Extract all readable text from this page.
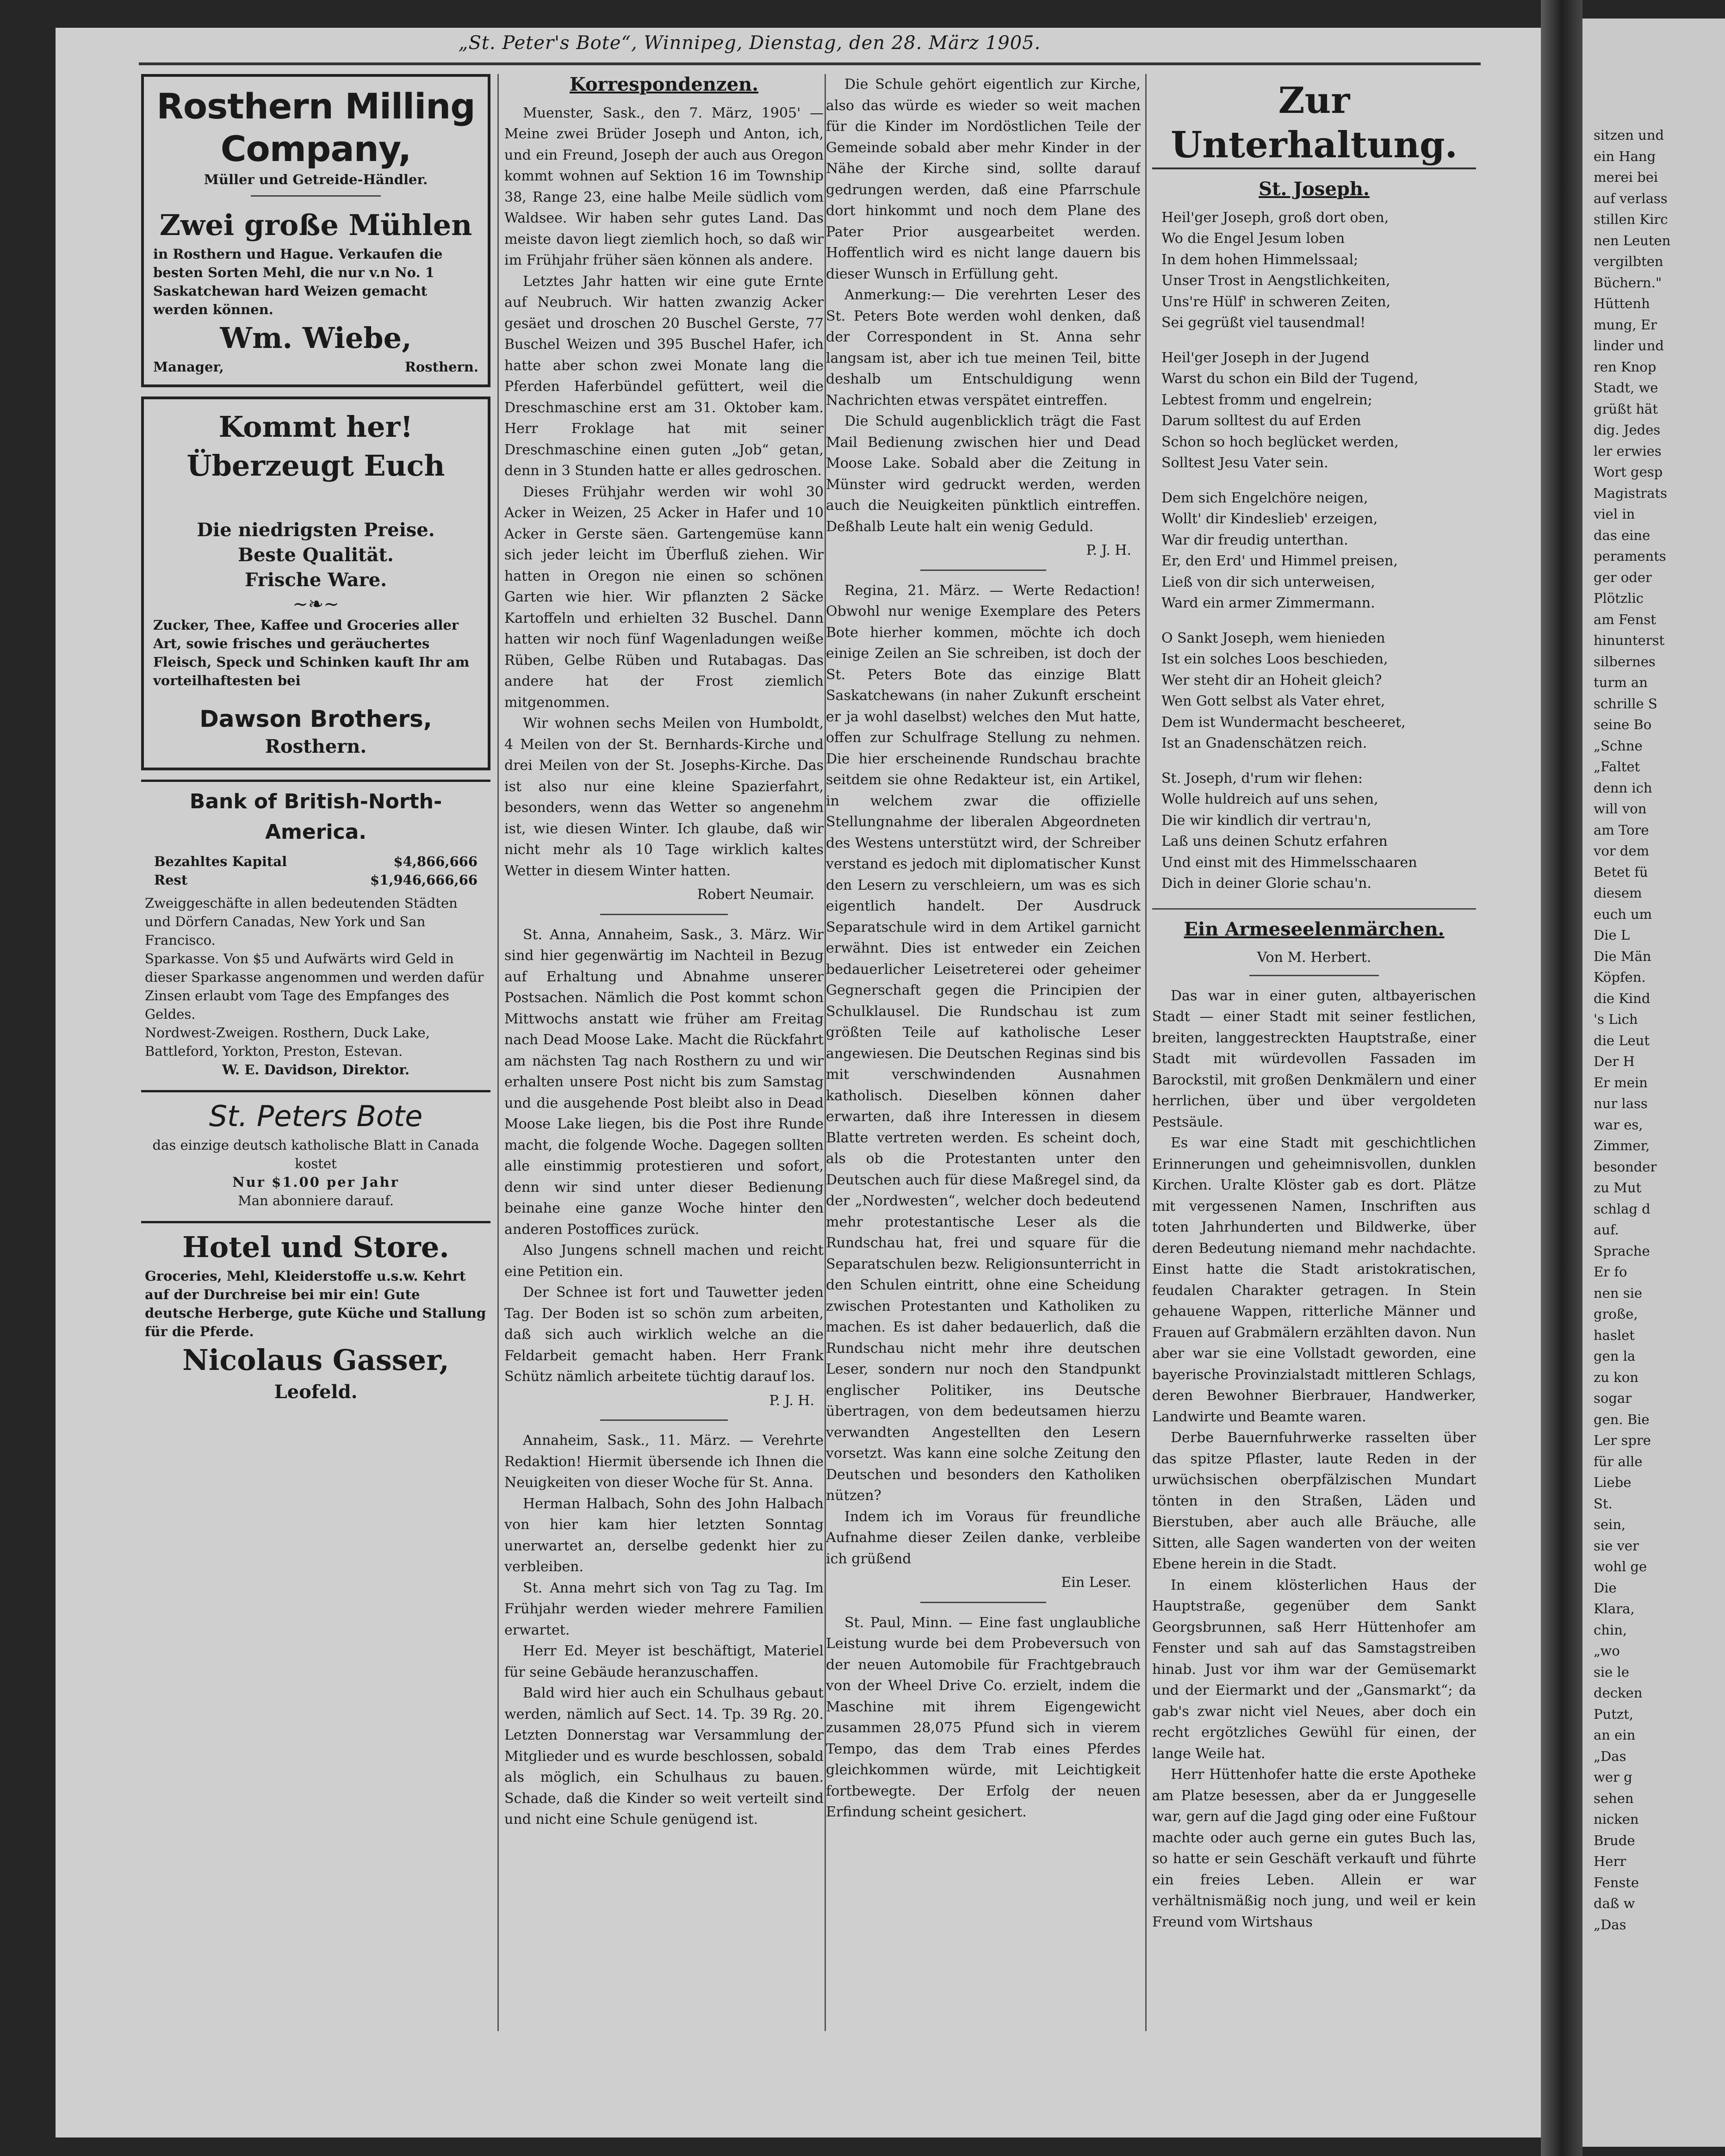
„St. Peter's Bote“, Winnipeg, Dienstag, den 28. März 1905.
Rosthern Milling Company,
Müller und Getreide-Händler.
Zwei große Mühlen
in Rosthern und Hague. Verkaufen die besten Sorten Mehl, die nur v.n No. 1 Saskatchewan hard Weizen gemacht werden können.
Wm. Wiebe,
Manager,	Rosthern.
Kommt her!
Überzeugt Euch
Die niedrigsten Preise.
Beste Qualität.
Frische Ware.
~❧~
Zucker, Thee, Kaffee und Groceries aller Art, sowie frisches und geräuchertes Fleisch, Speck und Schinken kauft Ihr am vorteilhaftesten bei
Dawson Brothers,
Rosthern.
Bank of British-North-America.
Bezahltes Kapital	$4,866,666
Rest	$1,946,666,66
Zweiggeschäfte in allen bedeutenden Städten und Dörfern Canadas, New York und San Francisco.
Sparkasse. Von $5 und Aufwärts wird Geld in dieser Sparkasse angenommen und werden dafür Zinsen erlaubt vom Tage des Empfanges des Geldes.
Nordwest-Zweigen. Rosthern, Duck Lake, Battleford, Yorkton, Preston, Estevan.
W. E. Davidson, Direktor.
St. Peters Bote
das einzige deutsch katholische Blatt in Canada kostet
Nur $1.00 per Jahr
Man abonniere darauf.
Hotel und Store.
Groceries, Mehl, Kleiderstoffe u.s.w. Kehrt auf der Durchreise bei mir ein! Gute deutsche Herberge, gute Küche und Stallung für die Pferde.
Nicolaus Gasser,
Leofeld.
Korrespondenzen.

Muenster, Sask., den 7. März, 1905' — Meine zwei Brüder Joseph und Anton, ich, und ein Freund, Joseph der auch aus Oregon kommt wohnen auf Sektion 16 im Township 38, Range 23, eine halbe Meile südlich vom Waldsee. Wir haben sehr gutes Land. Das meiste davon liegt ziemlich hoch, so daß wir im Frühjahr früher säen können als andere.

Letztes Jahr hatten wir eine gute Ernte auf Neubruch. Wir hatten zwanzig Acker gesäet und droschen 20 Buschel Gerste, 77 Buschel Weizen und 395 Buschel Hafer, ich hatte aber schon zwei Monate lang die Pferden Haferbündel gefüttert, weil die Dreschmaschine erst am 31. Oktober kam. Herr Froklage hat mit seiner Dreschmaschine einen guten „Job“ getan, denn in 3 Stunden hatte er alles gedroschen.

Dieses Frühjahr werden wir wohl 30 Acker in Weizen, 25 Acker in Hafer und 10 Acker in Gerste säen. Gartengemüse kann sich jeder leicht im Überfluß ziehen. Wir hatten in Oregon nie einen so schönen Garten wie hier. Wir pflanzten 2 Säcke Kartoffeln und erhielten 32 Buschel. Dann hatten wir noch fünf Wagenladungen weiße Rüben, Gelbe Rüben und Rutabagas. Das andere hat der Frost ziemlich mitgenommen.

Wir wohnen sechs Meilen von Humboldt, 4 Meilen von der St. Bernhards-Kirche und drei Meilen von der St. Josephs-Kirche. Das ist also nur eine kleine Spazierfahrt, besonders, wenn das Wetter so angenehm ist, wie diesen Winter. Ich glaube, daß wir nicht mehr als 10 Tage wirklich kaltes Wetter in diesem Winter hatten.

Robert Neumair.

St. Anna, Annaheim, Sask., 3. März. Wir sind hier gegenwärtig im Nachteil in Bezug auf Erhaltung und Abnahme unserer Postsachen. Nämlich die Post kommt schon Mittwochs anstatt wie früher am Freitag nach Dead Moose Lake. Macht die Rückfahrt am nächsten Tag nach Rosthern zu und wir erhalten unsere Post nicht bis zum Samstag und die ausgehende Post bleibt also in Dead Moose Lake liegen, bis die Post ihre Runde macht, die folgende Woche. Dagegen sollten alle einstimmig protestieren und sofort, denn wir sind unter dieser Bedienung beinahe eine ganze Woche hinter den anderen Postoffices zurück.

Also Jungens schnell machen und reicht eine Petition ein.

Der Schnee ist fort und Tauwetter jeden Tag. Der Boden ist so schön zum arbeiten, daß sich auch wirklich welche an die Feldarbeit gemacht haben. Herr Frank Schütz nämlich arbeitete tüchtig darauf los.

P. J. H.

Annaheim, Sask., 11. März. — Verehrte Redaktion! Hiermit übersende ich Ihnen die Neuigkeiten von dieser Woche für St. Anna.

Herman Halbach, Sohn des John Halbach von hier kam hier letzten Sonntag unerwartet an, derselbe gedenkt hier zu verbleiben.

St. Anna mehrt sich von Tag zu Tag. Im Frühjahr werden wieder mehrere Familien erwartet.

Herr Ed. Meyer ist beschäftigt, Materiel für seine Gebäude heranzuschaffen.

Bald wird hier auch ein Schulhaus gebaut werden, nämlich auf Sect. 14. Tp. 39 Rg. 20. Letzten Donnerstag war Versammlung der Mitglieder und es wurde beschlossen, sobald als möglich, ein Schulhaus zu bauen. Schade, daß die Kinder so weit verteilt sind und nicht eine Schule genügend ist.

Die Schule gehört eigentlich zur Kirche, also das würde es wieder so weit machen für die Kinder im Nordöstlichen Teile der Gemeinde sobald aber mehr Kinder in der Nähe der Kirche sind, sollte darauf gedrungen werden, daß eine Pfarrschule dort hinkommt und noch dem Plane des Pater Prior ausgearbeitet werden. Hoffentlich wird es nicht lange dauern bis dieser Wunsch in Erfüllung geht.

Anmerkung:— Die verehrten Leser des St. Peters Bote werden wohl denken, daß der Correspondent in St. Anna sehr langsam ist, aber ich tue meinen Teil, bitte deshalb um Entschuldigung wenn Nachrichten etwas verspätet eintreffen.

Die Schuld augenblicklich trägt die Fast Mail Bedienung zwischen hier und Dead Moose Lake. Sobald aber die Zeitung in Münster wird gedruckt werden, werden auch die Neuigkeiten pünktlich eintreffen. Deßhalb Leute halt ein wenig Geduld.

P. J. H.

Regina, 21. März. — Werte Redaction! Obwohl nur wenige Exemplare des Peters Bote hierher kommen, möchte ich doch einige Zeilen an Sie schreiben, ist doch der St. Peters Bote das einzige Blatt Saskatchewans (in naher Zukunft erscheint er ja wohl daselbst) welches den Mut hatte, offen zur Schulfrage Stellung zu nehmen. Die hier erscheinende Rundschau brachte seitdem sie ohne Redakteur ist, ein Artikel, in welchem zwar die offizielle Stellungnahme der liberalen Abgeordneten des Westens unterstützt wird, der Schreiber verstand es jedoch mit diplomatischer Kunst den Lesern zu verschleiern, um was es sich eigentlich handelt. Der Ausdruck Separatschule wird in dem Artikel garnicht erwähnt. Dies ist entweder ein Zeichen bedauerlicher Leisetreterei oder geheimer Gegnerschaft gegen die Principien der Schulklausel. Die Rundschau ist zum größten Teile auf katholische Leser angewiesen. Die Deutschen Reginas sind bis mit verschwindenden Ausnahmen katholisch. Dieselben können daher erwarten, daß ihre Interessen in diesem Blatte vertreten werden. Es scheint doch, als ob die Protestanten unter den Deutschen auch für diese Maßregel sind, da der „Nordwesten“, welcher doch bedeutend mehr protestantische Leser als die Rundschau hat, frei und square für die Separatschulen bezw. Religionsunterricht in den Schulen eintritt, ohne eine Scheidung zwischen Protestanten und Katholiken zu machen. Es ist daher bedauerlich, daß die Rundschau nicht mehr ihre deutschen Leser, sondern nur noch den Standpunkt englischer Politiker, ins Deutsche übertragen, von dem bedeutsamen hierzu verwandten Angestellten den Lesern vorsetzt. Was kann eine solche Zeitung den Deutschen und besonders den Katholiken nützen?

Indem ich im Voraus für freundliche Aufnahme dieser Zeilen danke, verbleibe ich grüßend

Ein Leser.

St. Paul, Minn. — Eine fast unglaubliche Leistung wurde bei dem Probeversuch von der neuen Automobile für Frachtgebrauch von der Wheel Drive Co. erzielt, indem die Maschine mit ihrem Eigengewicht zusammen 28,075 Pfund sich in vierem Tempo, das dem Trab eines Pferdes gleichkommen würde, mit Leichtigkeit fortbewegte. Der Erfolg der neuen Erfindung scheint gesichert.

Zur Unterhaltung.
St. Joseph.

Heil'ger Joseph, groß dort oben,

Wo die Engel Jesum loben

In dem hohen Himmelssaal;

Unser Trost in Aengstlichkeiten,

Uns're Hülf' in schweren Zeiten,

Sei gegrüßt viel tausendmal!

Heil'ger Joseph in der Jugend

Warst du schon ein Bild der Tugend,

Lebtest fromm und engelrein;

Darum solltest du auf Erden

Schon so hoch beglücket werden,

Solltest Jesu Vater sein.

Dem sich Engelchöre neigen,

Wollt' dir Kindeslieb' erzeigen,

War dir freudig unterthan.

Er, den Erd' und Himmel preisen,

Ließ von dir sich unterweisen,

Ward ein armer Zimmermann.

O Sankt Joseph, wem hienieden

Ist ein solches Loos beschieden,

Wer steht dir an Hoheit gleich?

Wen Gott selbst als Vater ehret,

Dem ist Wundermacht bescheeret,

Ist an Gnadenschätzen reich.

St. Joseph, d'rum wir flehen:

Wolle huldreich auf uns sehen,

Die wir kindlich dir vertrau'n,

Laß uns deinen Schutz erfahren

Und einst mit des Himmelsschaaren

Dich in deiner Glorie schau'n.

Ein Armeseelenmärchen.

Von M. Herbert.

Das war in einer guten, altbayerischen Stadt — einer Stadt mit seiner festlichen, breiten, langgestreckten Hauptstraße, einer Stadt mit würdevollen Fassaden im Barockstil, mit großen Denkmälern und einer herrlichen, über und über vergoldeten Pestsäule.

Es war eine Stadt mit geschichtlichen Erinnerungen und geheimnisvollen, dunklen Kirchen. Uralte Klöster gab es dort. Plätze mit vergessenen Namen, Inschriften aus toten Jahrhunderten und Bildwerke, über deren Bedeutung niemand mehr nachdachte. Einst hatte die Stadt aristokratischen, feudalen Charakter getragen. In Stein gehauene Wappen, ritterliche Männer und Frauen auf Grabmälern erzählten davon. Nun aber war sie eine Vollstadt geworden, eine bayerische Provinzialstadt mittleren Schlags, deren Bewohner Bierbrauer, Handwerker, Landwirte und Beamte waren.

Derbe Bauernfuhrwerke rasselten über das spitze Pflaster, laute Reden in der urwüchsischen oberpfälzischen Mundart tönten in den Straßen, Läden und Bierstuben, aber auch alle Bräuche, alle Sitten, alle Sagen wanderten von der weiten Ebene herein in die Stadt.

In einem klösterlichen Haus der Hauptstraße, gegenüber dem Sankt Georgsbrunnen, saß Herr Hüttenhofer am Fenster und sah auf das Samstagstreiben hinab. Just vor ihm war der Gemüsemarkt und der Eiermarkt und der „Gansmarkt“; da gab's zwar nicht viel Neues, aber doch ein recht ergötzliches Gewühl für einen, der lange Weile hat.

Herr Hüttenhofer hatte die erste Apotheke am Platze besessen, aber da er Junggeselle war, gern auf die Jagd ging oder eine Fußtour machte oder auch gerne ein gutes Buch las, so hatte er sein Geschäft verkauft und führte ein freies Leben. Allein er war verhältnismäßig noch jung, und weil er kein Freund vom Wirtshaus

sitzen und

ein Hang

merei bei

auf verlass

stillen Kirc

nen Leuten

vergilbten

Büchern."

Hüttenh

mung, Er

linder und

ren Knop

Stadt, we

grüßt hät

dig. Jedes

ler erwies

Wort gesp

Magistrats

viel in

das eine

peraments

ger oder

Plötzlic

am Fenst

hinunterst

silbernes

turm an

schrille S

seine Bo

„Schne

„Faltet

denn ich

will von

am Tore

vor dem

Betet fü

diesem

euch um

Die L

Die Män

Köpfen.

die Kind

's Lich

die Leut

Der H

Er mein

nur lass

war es,

Zimmer,

besonder

zu Mut

schlag d

auf.

Sprache

Er fo

nen sie

große,

haslet

gen la

zu kon

sogar

gen. Bie

Ler spre

für alle

Liebe

St.

sein,

sie ver

wohl ge

Die

Klara,

chin,

„wo

sie le

decken

Putzt,

an ein

„Das

wer g

sehen

nicken

Brude

Herr

Fenste

daß w

„Das
